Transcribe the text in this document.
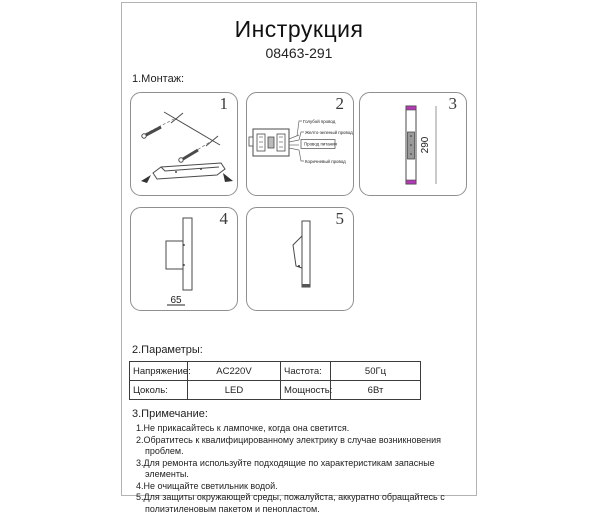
Инструкция
08463-291
1.Монтаж:
1
Голубой провод
Желто-зеленый провод
Провод питания
Коричневый провод
2
290
3
65
4	5
2.Параметры:
Напряжение:	AC220V	Частота:	50Гц
Цоколь:	LED	Мощность:	6Вт
3.Примечание:
1.Не прикасайтесь к лампочке, когда она светится.
2.Обратитесь к квалифицированному электрику в случае возникновения проблем.
3.Для ремонта используйте подходящие по характеристикам запасные элементы.
4.Не очищайте светильник водой.
5.Для защиты окружающей среды, пожалуйста, аккуратно обращайтесь с полиэтиленовым пакетом и пенопластом.
